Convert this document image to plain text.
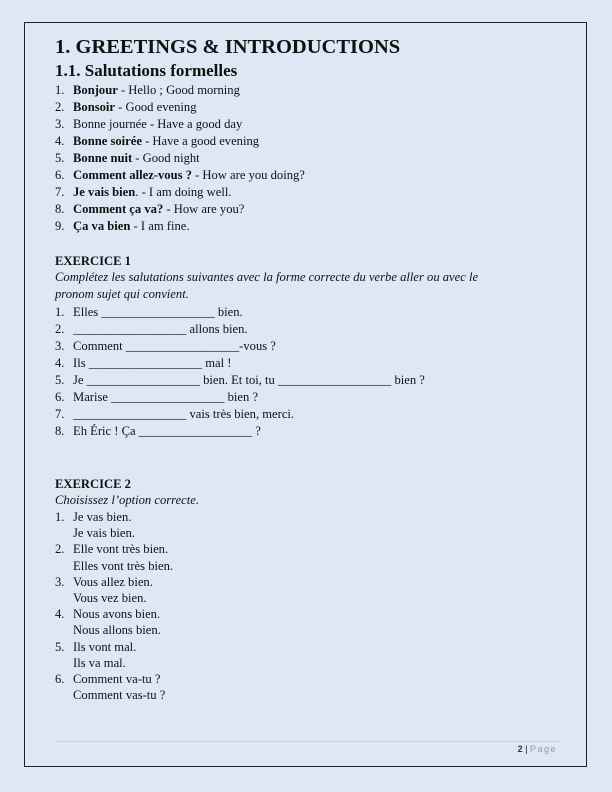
1. GREETINGS & INTRODUCTIONS
1.1. Salutations formelles
1. Bonjour - Hello ; Good morning
2. Bonsoir - Good evening
3. Bonne journée - Have a good day
4. Bonne soirée - Have a good evening
5. Bonne nuit - Good night
6. Comment allez-vous ? - How are you doing?
7. Je vais bien . - I am doing well.
8. Comment ça va? - How are you?
9. Ça va bien - I am fine.
EXERCICE 1
Complétez les salutations suivantes avec la forme correcte du verbe aller ou avec le
pronom sujet qui convient.
1. Elles __________________ bien.
2. __________________ allons bien.
3. Comment __________________-vous ?
4. Ils __________________ mal !
5. Je __________________ bien. Et toi, tu __________________ bien ?
6. Marise __________________ bien ?
7. __________________ vais très bien, merci.
8. Eh Éric ! Ça __________________ ?
EXERCICE 2
Choisissez l’option correcte.
1. Je vas bien.
Je vais bien.
2. Elle vont très bien.
Elles vont très bien.
3. Vous allez bien.
Vous vez bien.
4. Nous avons bien.
Nous allons bien.
5. Ils vont mal.
Ils va mal.
6. Comment va-tu ?
Comment vas-tu ?
2 | Page
